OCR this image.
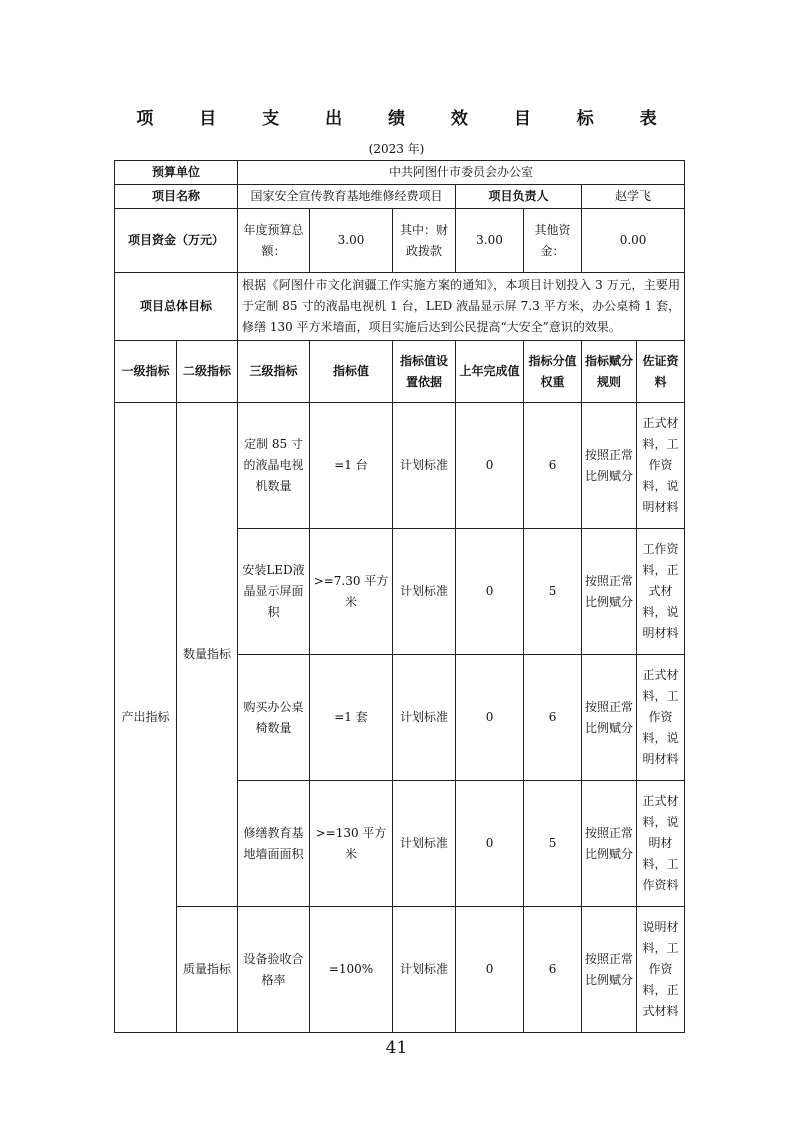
项 目 支 出 绩 效 目 标 表
(2023 年)
预算单位		中共阿图什市委员会办公室						
项目名称		国家安全宣传教育基地维修经费项目			项目负责人		赵学飞	
项目资金（万元）		年度预算总额：	3.00	其中：财政拨款	3.00	其他资金：	0.00	
项目总体目标		根据《阿图什市文化润疆工作实施方案的通知》，本项目计划投入 3 万元，主要用于定制 85 寸的液晶电视机 1 台，LED 液晶显示屏 7.3 平方米，办公桌椅 1 套，修缮 130 平方米墙面，项目实施后达到公民提高“大安全”意识的效果。						
一级指标	二级指标	三级指标	指标值	指标值设置依据	上年完成值	指标分值权重	指标赋分规则	佐证资料
产出指标	数量指标	定制 85 寸的液晶电视机数量	=1 台	计划标准	0	6	按照正常比例赋分	正式材料，工作资料，说明材料
		安装LED液晶显示屏面积	>=7.30 平方米	计划标准	0	5	按照正常比例赋分	工作资料，正式材料，说明材料
		购买办公桌椅数量	=1 套	计划标准	0	6	按照正常比例赋分	正式材料，工作资料，说明材料
		修缮教育基地墙面面积	>=130 平方米	计划标准	0	5	按照正常比例赋分	正式材料，说明材料，工作资料
	质量指标	设备验收合格率	=100%	计划标准	0	6	按照正常比例赋分	说明材料，工作资料，正式材料
41
